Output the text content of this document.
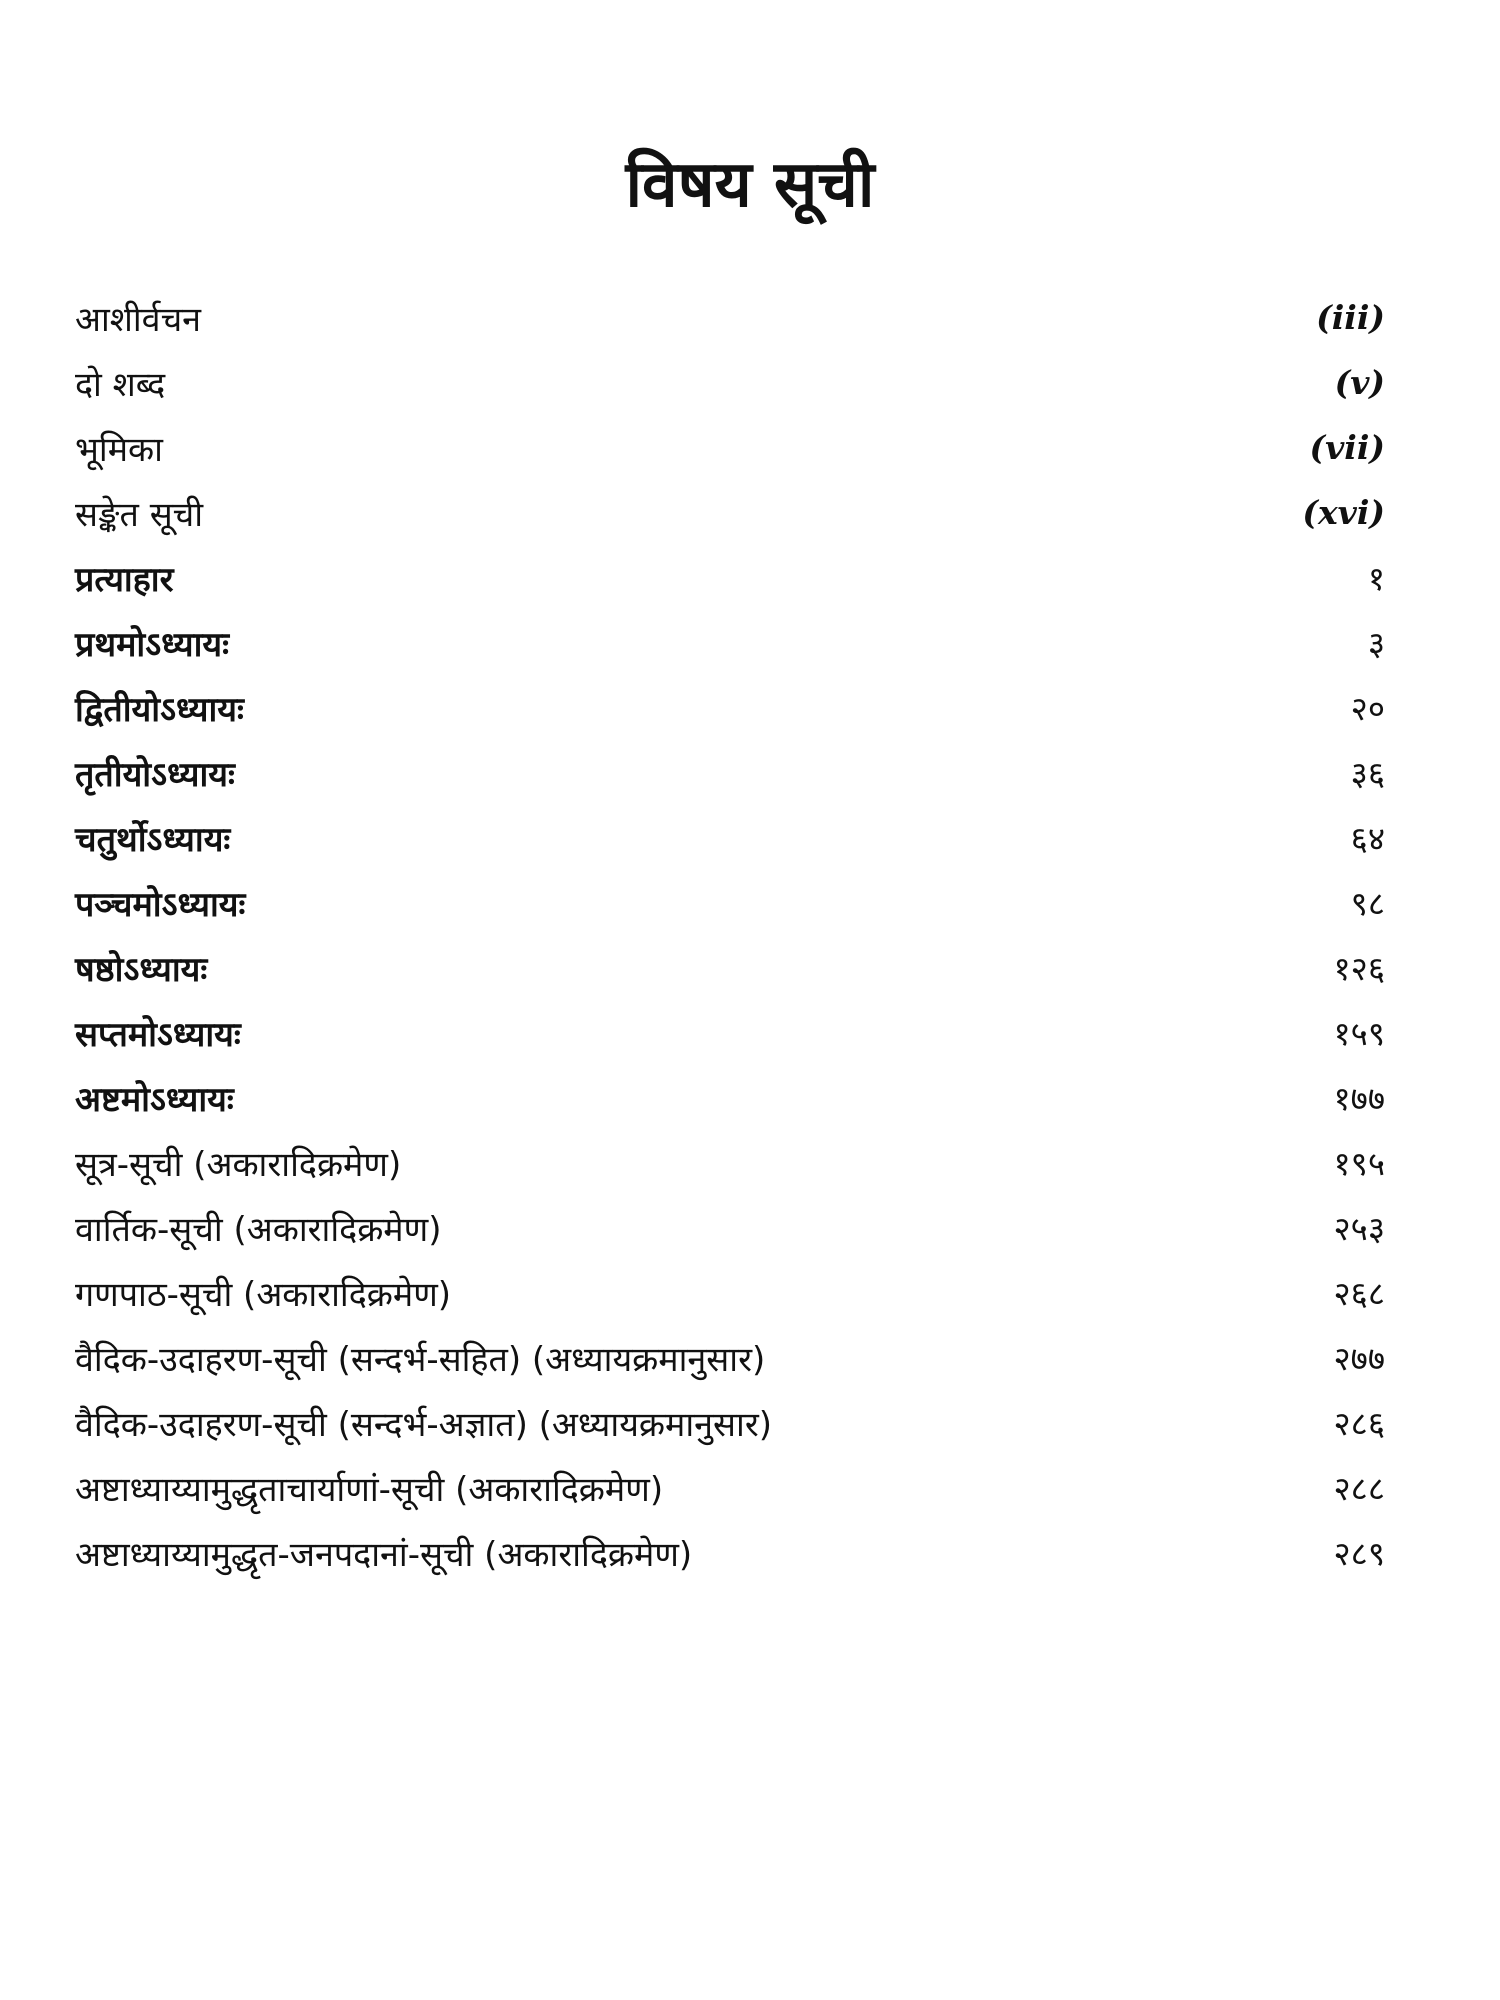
विषय सूची
आशीर्वचन	(iii)
दो शब्द	(v)
भूमिका	(vii)
सङ्केत सूची	(xvi)
प्रत्याहार	१
प्रथमोऽध्यायः	३
द्वितीयोऽध्यायः	२०
तृतीयोऽध्यायः	३६
चतुर्थोऽध्यायः	६४
पञ्चमोऽध्यायः	९८
षष्ठोऽध्यायः	१२६
सप्तमोऽध्यायः	१५९
अष्टमोऽध्यायः	१७७
सूत्र-सूची (अकारादिक्रमेण)	१९५
वार्तिक-सूची (अकारादिक्रमेण)	२५३
गणपाठ-सूची (अकारादिक्रमेण)	२६८
वैदिक-उदाहरण-सूची (सन्दर्भ-सहित) (अध्यायक्रमानुसार)	२७७
वैदिक-उदाहरण-सूची (सन्दर्भ-अज्ञात) (अध्यायक्रमानुसार)	२८६
अष्टाध्याय्यामुद्धृताचार्याणां-सूची (अकारादिक्रमेण)	२८८
अष्टाध्याय्यामुद्धृत-जनपदानां-सूची (अकारादिक्रमेण)	२८९
